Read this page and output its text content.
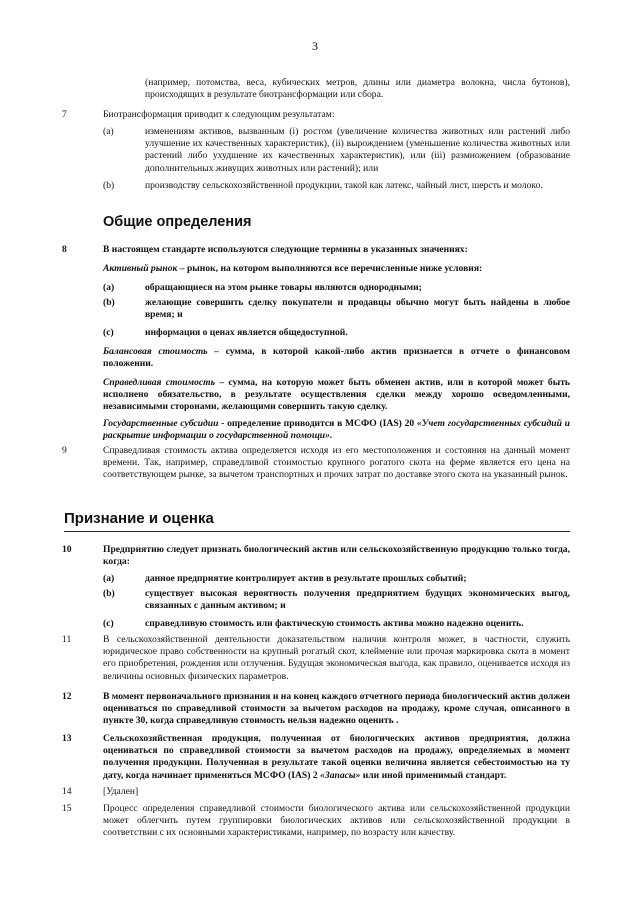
3
(например, потомства, веса, кубических метров, длины или диаметра волокна, числа бутонов), происходящих в результате биотрансформации или сбора.
7	Биотрансформация приводит к следующим результатам:
(a)	изменениям активов, вызванным (i) ростом (увеличение количества животных или растений либо улучшение их качественных характеристик), (ii) вырождением (уменьшение количества животных или растений либо ухудшение их качественных характеристик), или (iii) размножением (образование дополнительных живущих животных или растений); или
(b)	производству сельскохозяйственной продукции, такой как латекс, чайный лист, шерсть и молоко.
Общие определения
8	В настоящем стандарте используются следующие термины в указанных значениях:
Активный рынок – рынок, на котором выполняются все перечисленные ниже условия:
(a)	обращающиеся на этом рынке товары являются однородными;
(b)	желающие совершить сделку покупатели и продавцы обычно могут быть найдены в любое время; и
(c)	информация о ценах является общедоступной.
Балансовая стоимость – сумма, в которой какой-либо актив признается в отчете о финансовом положении.
Справедливая стоимость – сумма, на которую может быть обменен актив, или в которой может быть исполнено обязательство, в результате осуществления сделки между хорошо осведомленными, независимыми сторонами, желающими совершить такую сделку.
Государственные субсидии - определение приводится в МСФО (IAS) 20 «Учет государственных субсидий и раскрытие информации о государственной помощи».
9	Справедливая стоимость актива определяется исходя из его местоположения и состояния на данный момент времени. Так, например, справедливой стоимостью крупного рогатого скота на ферме является его цена на соответствующем рынке, за вычетом транспортных и прочих затрат по доставке этого скота на указанный рынок.
Признание и оценка
10	Предприятию следует признать биологический актив или сельскохозяйственную продукцию только тогда, когда:
(a)	данное предприятие контролирует актив в результате прошлых событий;
(b)	существует высокая вероятность получения предприятием будущих экономических выгод, связанных с данным активом; и
(c)	справедливую стоимость или фактическую стоимость актива можно надежно оценить.
11	В сельскохозяйственной деятельности доказательством наличия контроля может, в частности, служить юридическое право собственности на крупный рогатый скот, клеймение или прочая маркировка скота в момент его приобретения, рождения или отлучения. Будущая экономическая выгода, как правило, оценивается исходя из величины основных физических параметров.
12	В момент первоначального признания и на конец каждого отчетного периода биологический актив должен оцениваться по справедливой стоимости за вычетом расходов на продажу, кроме случая, описанного в пункте 30, когда справедливую стоимость нельзя надежно оценить .
13	Сельскохозяйственная продукция, полученная от биологических активов предприятия, должна оцениваться по справедливой стоимости за вычетом расходов на продажу, определяемых в момент получения продукции. Полученная в результате такой оценки величина является себестоимостью на ту дату, когда начинает применяться МСФО (IAS) 2 «Запасы» или иной применимый стандарт.
14	[Удален]
15	Процесс определения справедливой стоимости биологического актива или сельскохозяйственной продукции может облегчить путем группировки биологических активов или сельскохозяйственной продукции в соответствии с их основными характеристиками, например, по возрасту или качеству.
